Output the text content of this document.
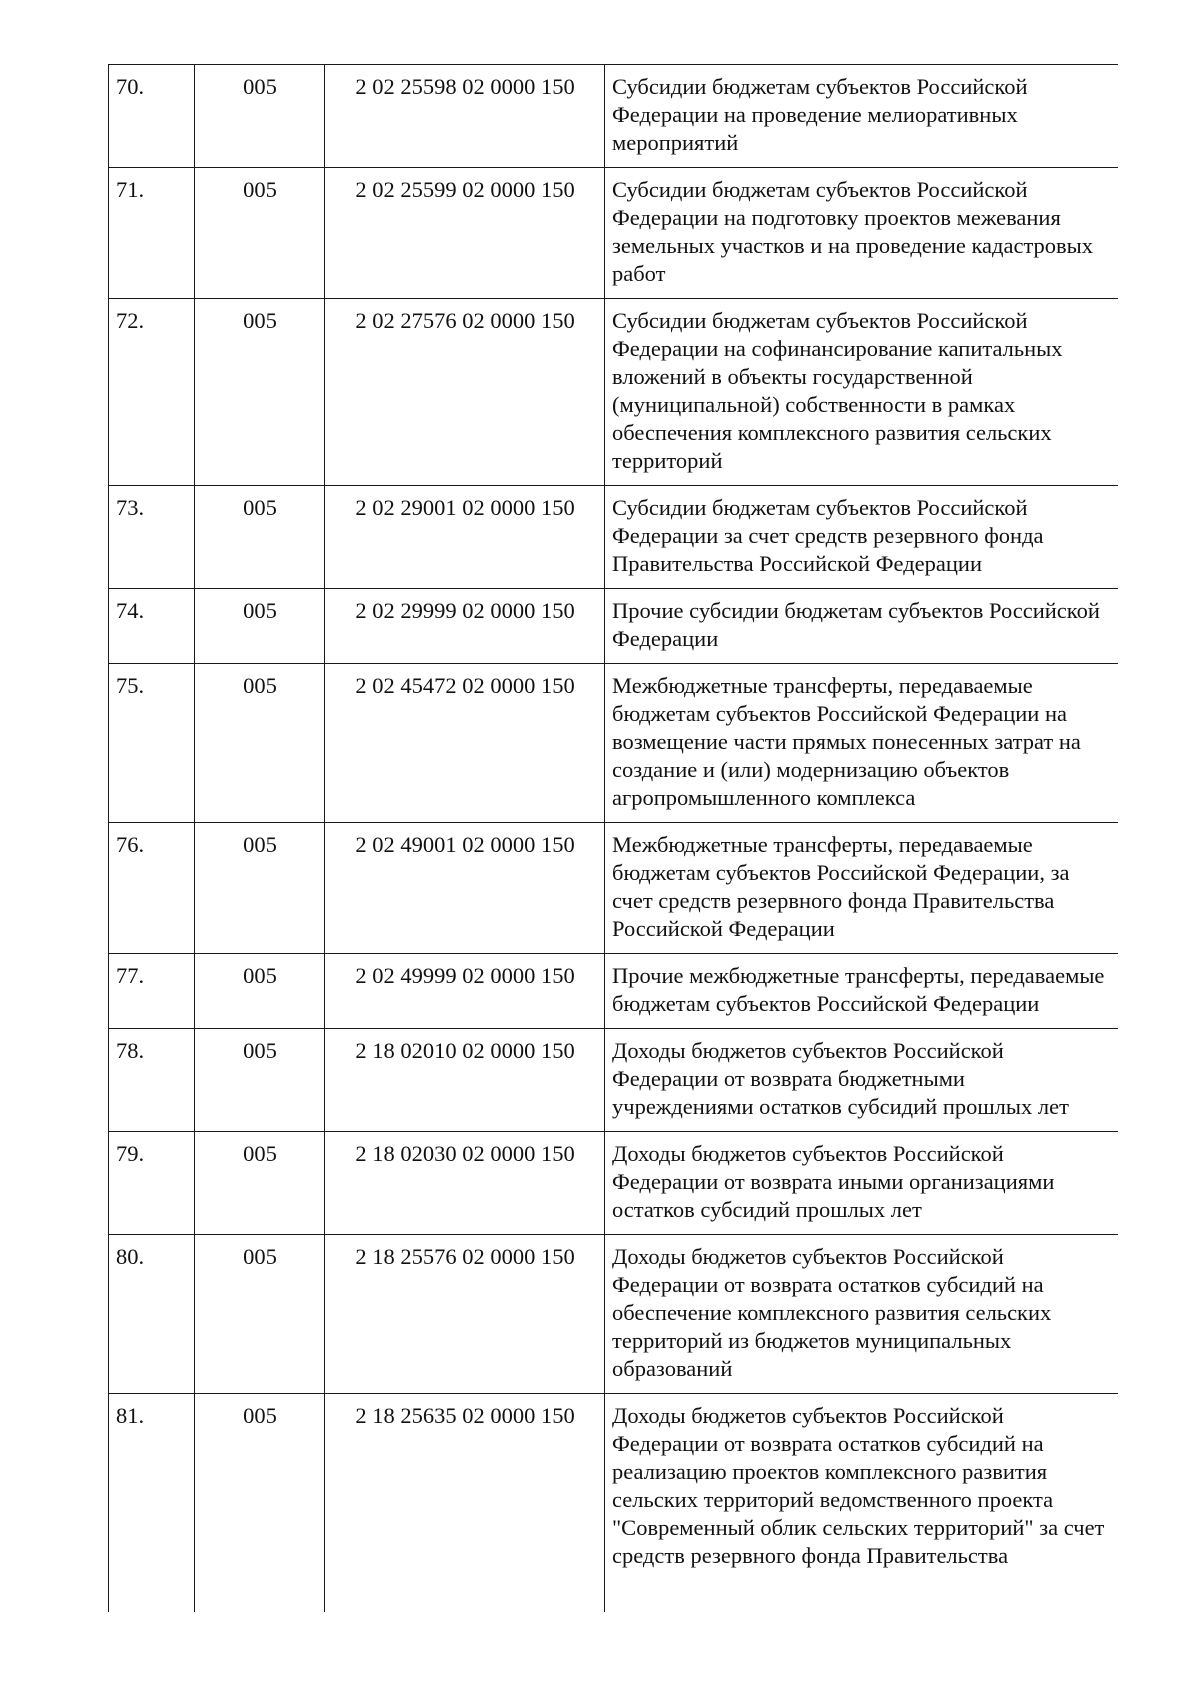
70.	005	2 02 25598 02 0000 150	Субсидии бюджетам субъектов Российской Федерации на проведение мелиоративных мероприятий
71.	005	2 02 25599 02 0000 150	Субсидии бюджетам субъектов Российской Федерации на подготовку проектов межевания земельных участков и на проведение кадастровых работ
72.	005	2 02 27576 02 0000 150	Субсидии бюджетам субъектов Российской Федерации на софинансирование капитальных вложений в объекты государственной (муниципальной) собственности в рамках обеспечения комплексного развития сельских территорий
73.	005	2 02 29001 02 0000 150	Субсидии бюджетам субъектов Российской Федерации за счет средств резервного фонда Правительства Российской Федерации
74.	005	2 02 29999 02 0000 150	Прочие субсидии бюджетам субъектов Российской Федерации
75.	005	2 02 45472 02 0000 150	Межбюджетные трансферты, передаваемые бюджетам субъектов Российской Федерации на возмещение части прямых понесенных затрат на создание и (или) модернизацию объектов агропромышленного комплекса
76.	005	2 02 49001 02 0000 150	Межбюджетные трансферты, передаваемые бюджетам субъектов Российской Федерации, за счет средств резервного фонда Правительства Российской Федерации
77.	005	2 02 49999 02 0000 150	Прочие межбюджетные трансферты, передаваемые бюджетам субъектов Российской Федерации
78.	005	2 18 02010 02 0000 150	Доходы бюджетов субъектов Российской Федерации от возврата бюджетными учреждениями остатков субсидий прошлых лет
79.	005	2 18 02030 02 0000 150	Доходы бюджетов субъектов Российской Федерации от возврата иными организациями остатков субсидий прошлых лет
80.	005	2 18 25576 02 0000 150	Доходы бюджетов субъектов Российской Федерации от возврата остатков субсидий на обеспечение комплексного развития сельских территорий из бюджетов муниципальных образований
81.	005	2 18 25635 02 0000 150	Доходы бюджетов субъектов Российской Федерации от возврата остатков субсидий на реализацию проектов комплексного развития сельских территорий ведомственного проекта "Современный облик сельских территорий" за счет средств резервного фонда Правительства
